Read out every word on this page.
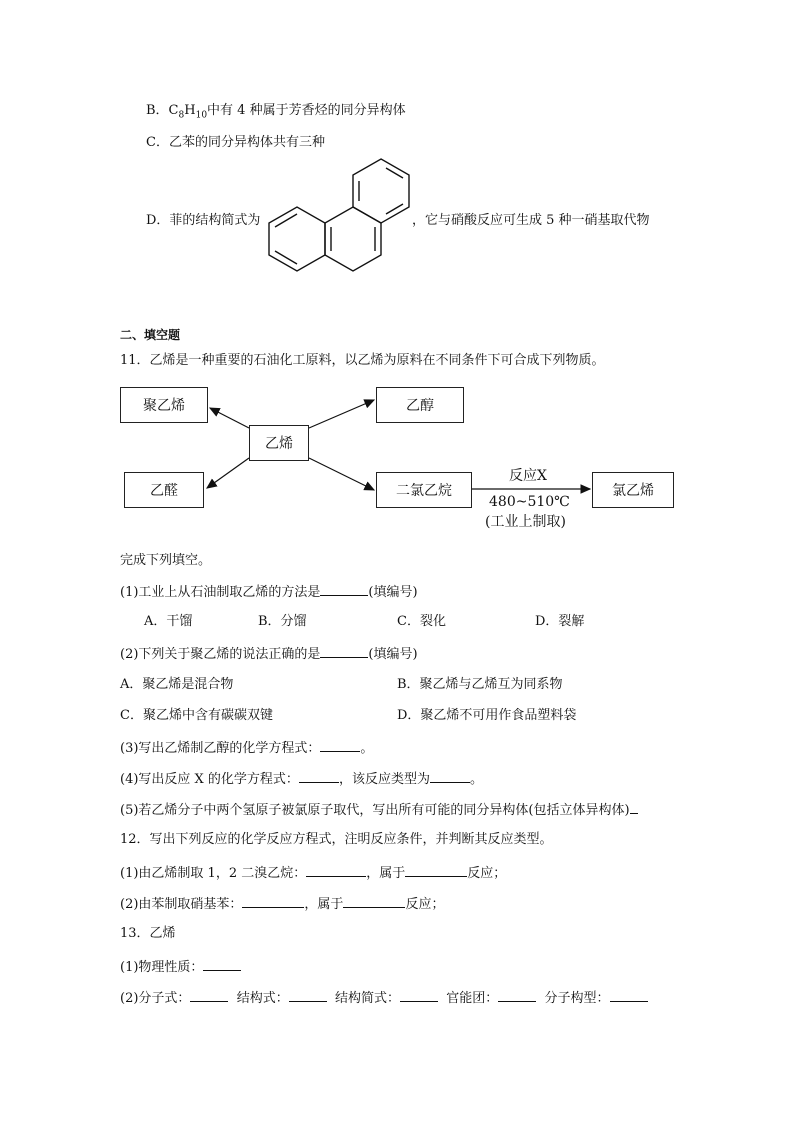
B．$C_8H_{10}$中有 4 种属于芳香烃的同分异构体
C．乙苯的同分异构体共有三种
D．菲的结构简式为	，它与硝酸反应可生成 5 种一硝基取代物
二、填空题
11．乙烯是一种重要的石油化工原料，以乙烯为原料在不同条件下可合成下列物质。
聚乙烯	乙醇
乙烯
乙醛	二氯乙烷	氯乙烯
反应X
480~510℃
(工业上制取)
完成下列填空。
(1)工业上从石油制取乙烯的方法是	(填编号)
A．干馏	B．分馏	C．裂化	D．裂解
(2)下列关于聚乙烯的说法正确的是	(填编号)
A．聚乙烯是混合物	B．聚乙烯与乙烯互为同系物
C．聚乙烯中含有碳碳双键	D．聚乙烯不可用作食品塑料袋
(3)写出乙烯制乙醇的化学方程式：	。
(4)写出反应 X 的化学方程式：	，该反应类型为	。
(5)若乙烯分子中两个氢原子被氯原子取代，写出所有可能的同分异构体(包括立体异构体)
12．写出下列反应的化学反应方程式，注明反应条件，并判断其反应类型。
(1)由乙烯制取 1，2 二溴乙烷：	，属于	反应；
(2)由苯制取硝基苯：	，属于	反应；
13．乙烯
(1)物理性质：
(2)分子式：	结构式：	结构简式：	官能团：	分子构型：
